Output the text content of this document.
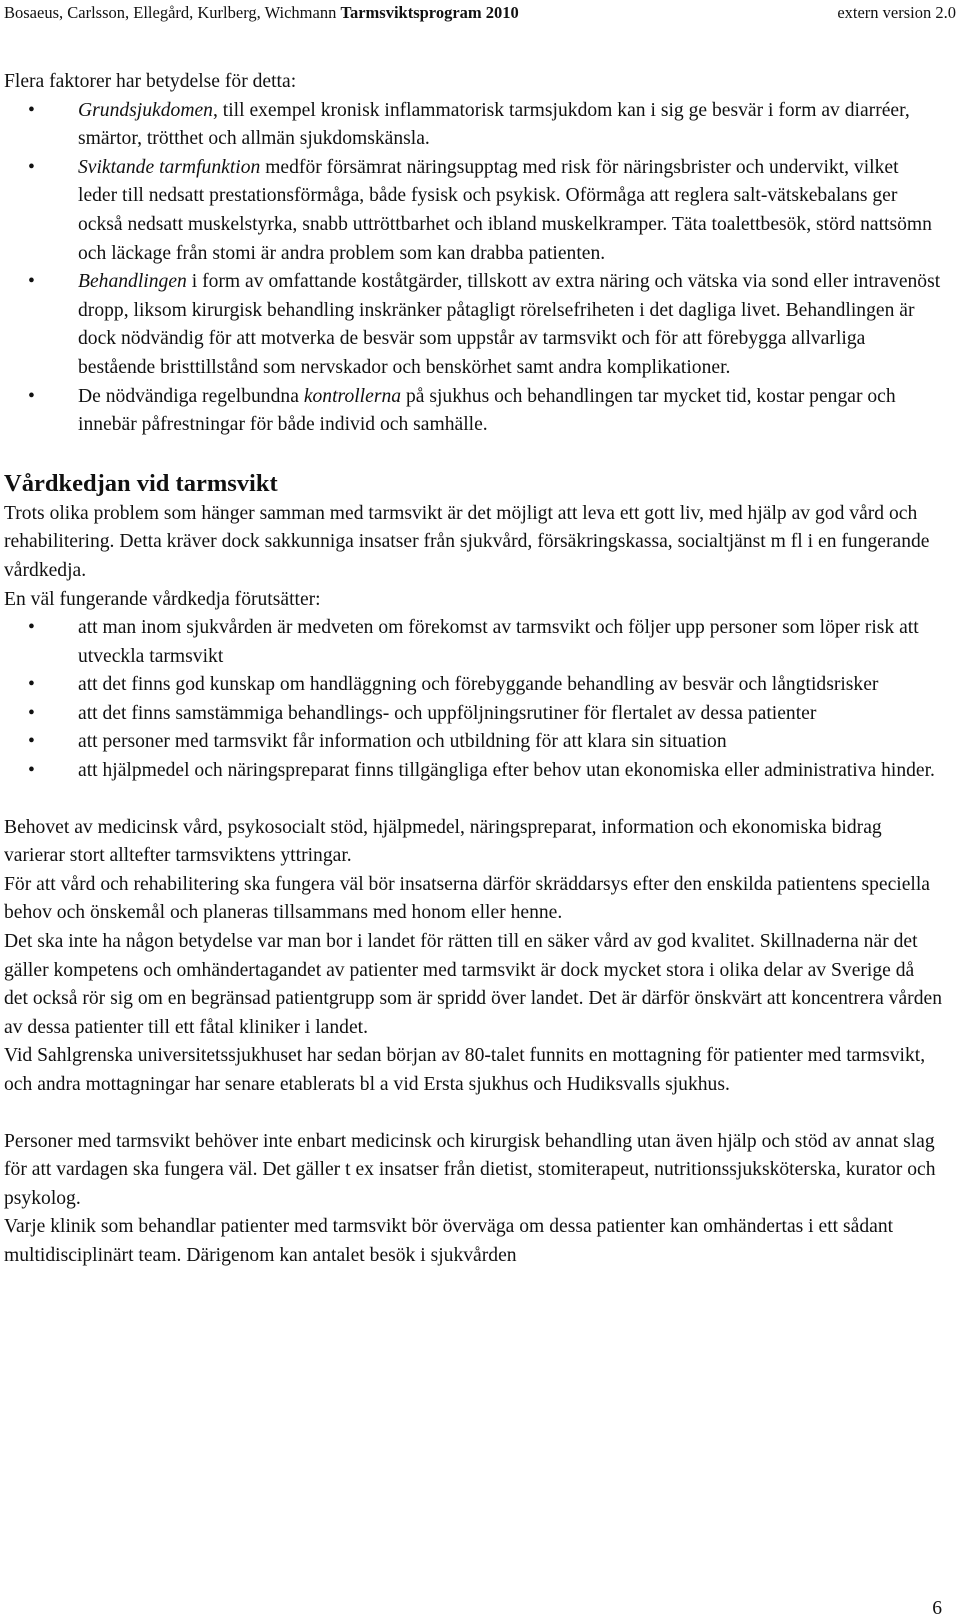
Bosaeus, Carlsson, Ellegård, Kurlberg, Wichmann Tarmsviktsprogram 2010	extern version 2.0

Flera faktorer har betydelse för detta:

• Grundsjukdomen, till exempel kronisk inflammatorisk tarmsjukdom kan i sig ge besvär i form av diarréer, smärtor, trötthet och allmän sjukdomskänsla.
• Sviktande tarmfunktion medför försämrat näringsupptag med risk för näringsbrister och undervikt, vilket leder till nedsatt prestationsförmåga, både fysisk och psykisk. Oförmåga att reglera salt-vätskebalans ger också nedsatt muskelstyrka, snabb uttröttbarhet och ibland muskelkramper. Täta toalettbesök, störd nattsömn och läckage från stomi är andra problem som kan drabba patienten.
• Behandlingen i form av omfattande koståtgärder, tillskott av extra näring och vätska via sond eller intravenöst dropp, liksom kirurgisk behandling inskränker påtagligt rörelsefriheten i det dagliga livet. Behandlingen är dock nödvändig för att motverka de besvär som uppstår av tarmsvikt och för att förebygga allvarliga bestående bristtillstånd som nervskador och benskörhet samt andra komplikationer.
• De nödvändiga regelbundna kontrollerna på sjukhus och behandlingen tar mycket tid, kostar pengar och innebär påfrestningar för både individ och samhälle.
Vårdkedjan vid tarmsvikt

Trots olika problem som hänger samman med tarmsvikt är det möjligt att leva ett gott liv, med hjälp av god vård och rehabilitering. Detta kräver dock sakkunniga insatser från sjukvård, försäkringskassa, socialtjänst m fl i en fungerande vårdkedja.

En väl fungerande vårdkedja förutsätter:

• att man inom sjukvården är medveten om förekomst av tarmsvikt och följer upp personer som löper risk att utveckla tarmsvikt
• att det finns god kunskap om handläggning och förebyggande behandling av besvär och långtidsrisker
• att det finns samstämmiga behandlings- och uppföljningsrutiner för flertalet av dessa patienter
• att personer med tarmsvikt får information och utbildning för att klara sin situation
• att hjälpmedel och näringspreparat finns tillgängliga efter behov utan ekonomiska eller administrativa hinder.

Behovet av medicinsk vård, psykosocialt stöd, hjälpmedel, näringspreparat, information och ekonomiska bidrag varierar stort alltefter tarmsviktens yttringar.

För att vård och rehabilitering ska fungera väl bör insatserna därför skräddarsys efter den enskilda patientens speciella behov och önskemål och planeras tillsammans med honom eller henne.

Det ska inte ha någon betydelse var man bor i landet för rätten till en säker vård av god kvalitet. Skillnaderna när det gäller kompetens och omhändertagandet av patienter med tarmsvikt är dock mycket stora i olika delar av Sverige då det också rör sig om en begränsad patientgrupp som är spridd över landet. Det är därför önskvärt att koncentrera vården av dessa patienter till ett fåtal kliniker i landet.

Vid Sahlgrenska universitetssjukhuset har sedan början av 80-talet funnits en mottagning för patienter med tarmsvikt, och andra mottagningar har senare etablerats bl a vid Ersta sjukhus och Hudiksvalls sjukhus.

Personer med tarmsvikt behöver inte enbart medicinsk och kirurgisk behandling utan även hjälp och stöd av annat slag för att vardagen ska fungera väl. Det gäller t ex insatser från dietist, stomiterapeut, nutritionssjuksköterska, kurator och psykolog.

Varje klinik som behandlar patienter med tarmsvikt bör överväga om dessa patienter kan omhändertas i ett sådant multidisciplinärt team. Därigenom kan antalet besök i sjukvården

6
